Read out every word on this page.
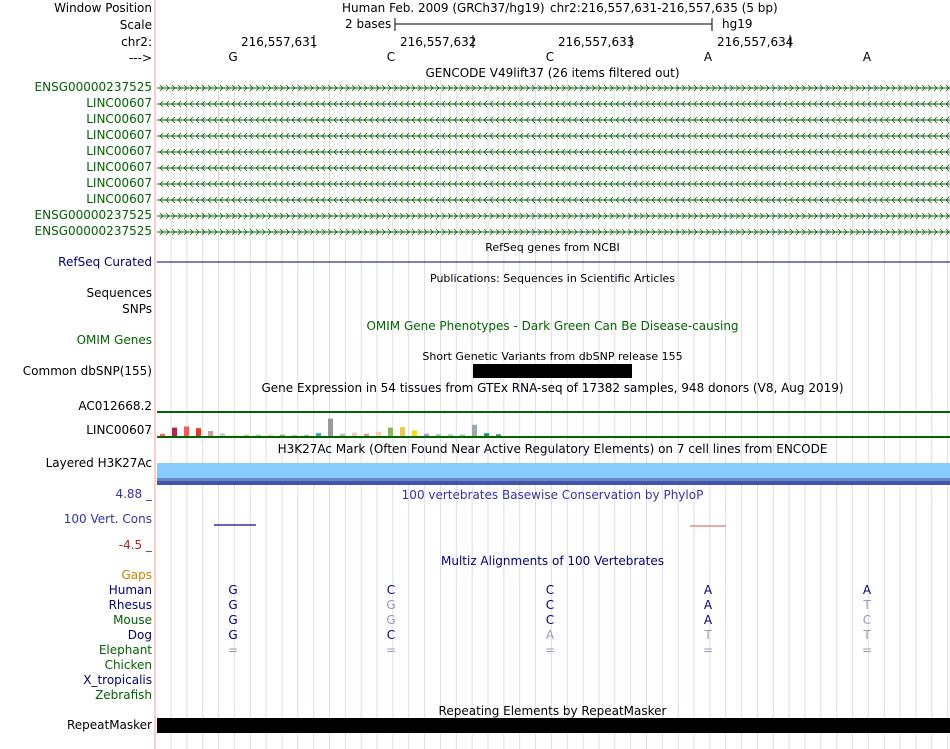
Window Position	Human Feb. 2009 (GRCh37/hg19) chr2:216,557,631-216,557,635 (5 bp)
Scale	2 bases	hg19
chr2:	216,557,631	216,557,632	216,557,633	216,557,634
--->	G	C	C	A	A
GENCODE V49lift37 (26 items filtered out)
ENSG00000237525
LINC00607
LINC00607
LINC00607
LINC00607
LINC00607
LINC00607
LINC00607
ENSG00000237525
ENSG00000237525
RefSeq genes from NCBI
RefSeq Curated
Publications: Sequences in Scientific Articles
Sequences
SNPs
OMIM Gene Phenotypes - Dark Green Can Be Disease-causing
OMIM Genes
Short Genetic Variants from dbSNP release 155
Common dbSNP(155)
Gene Expression in 54 tissues from GTEx RNA-seq of 17382 samples, 948 donors (V8, Aug 2019)
AC012668.2
LINC00607
H3K27Ac Mark (Often Found Near Active Regulatory Elements) on 7 cell lines from ENCODE
Layered H3K27Ac
4.88 _	100 vertebrates Basewise Conservation by PhyloP
100 Vert. Cons
-4.5 _
Multiz Alignments of 100 Vertebrates
Gaps
Human	G	C	C	A	A
Rhesus	G	G	C	A	T
Mouse	G	G	C	A	C
Dog	G	C	A	T	T
Elephant	=	=	=	=	=
Chicken
X_tropicalis
Zebrafish
Repeating Elements by RepeatMasker
RepeatMasker
